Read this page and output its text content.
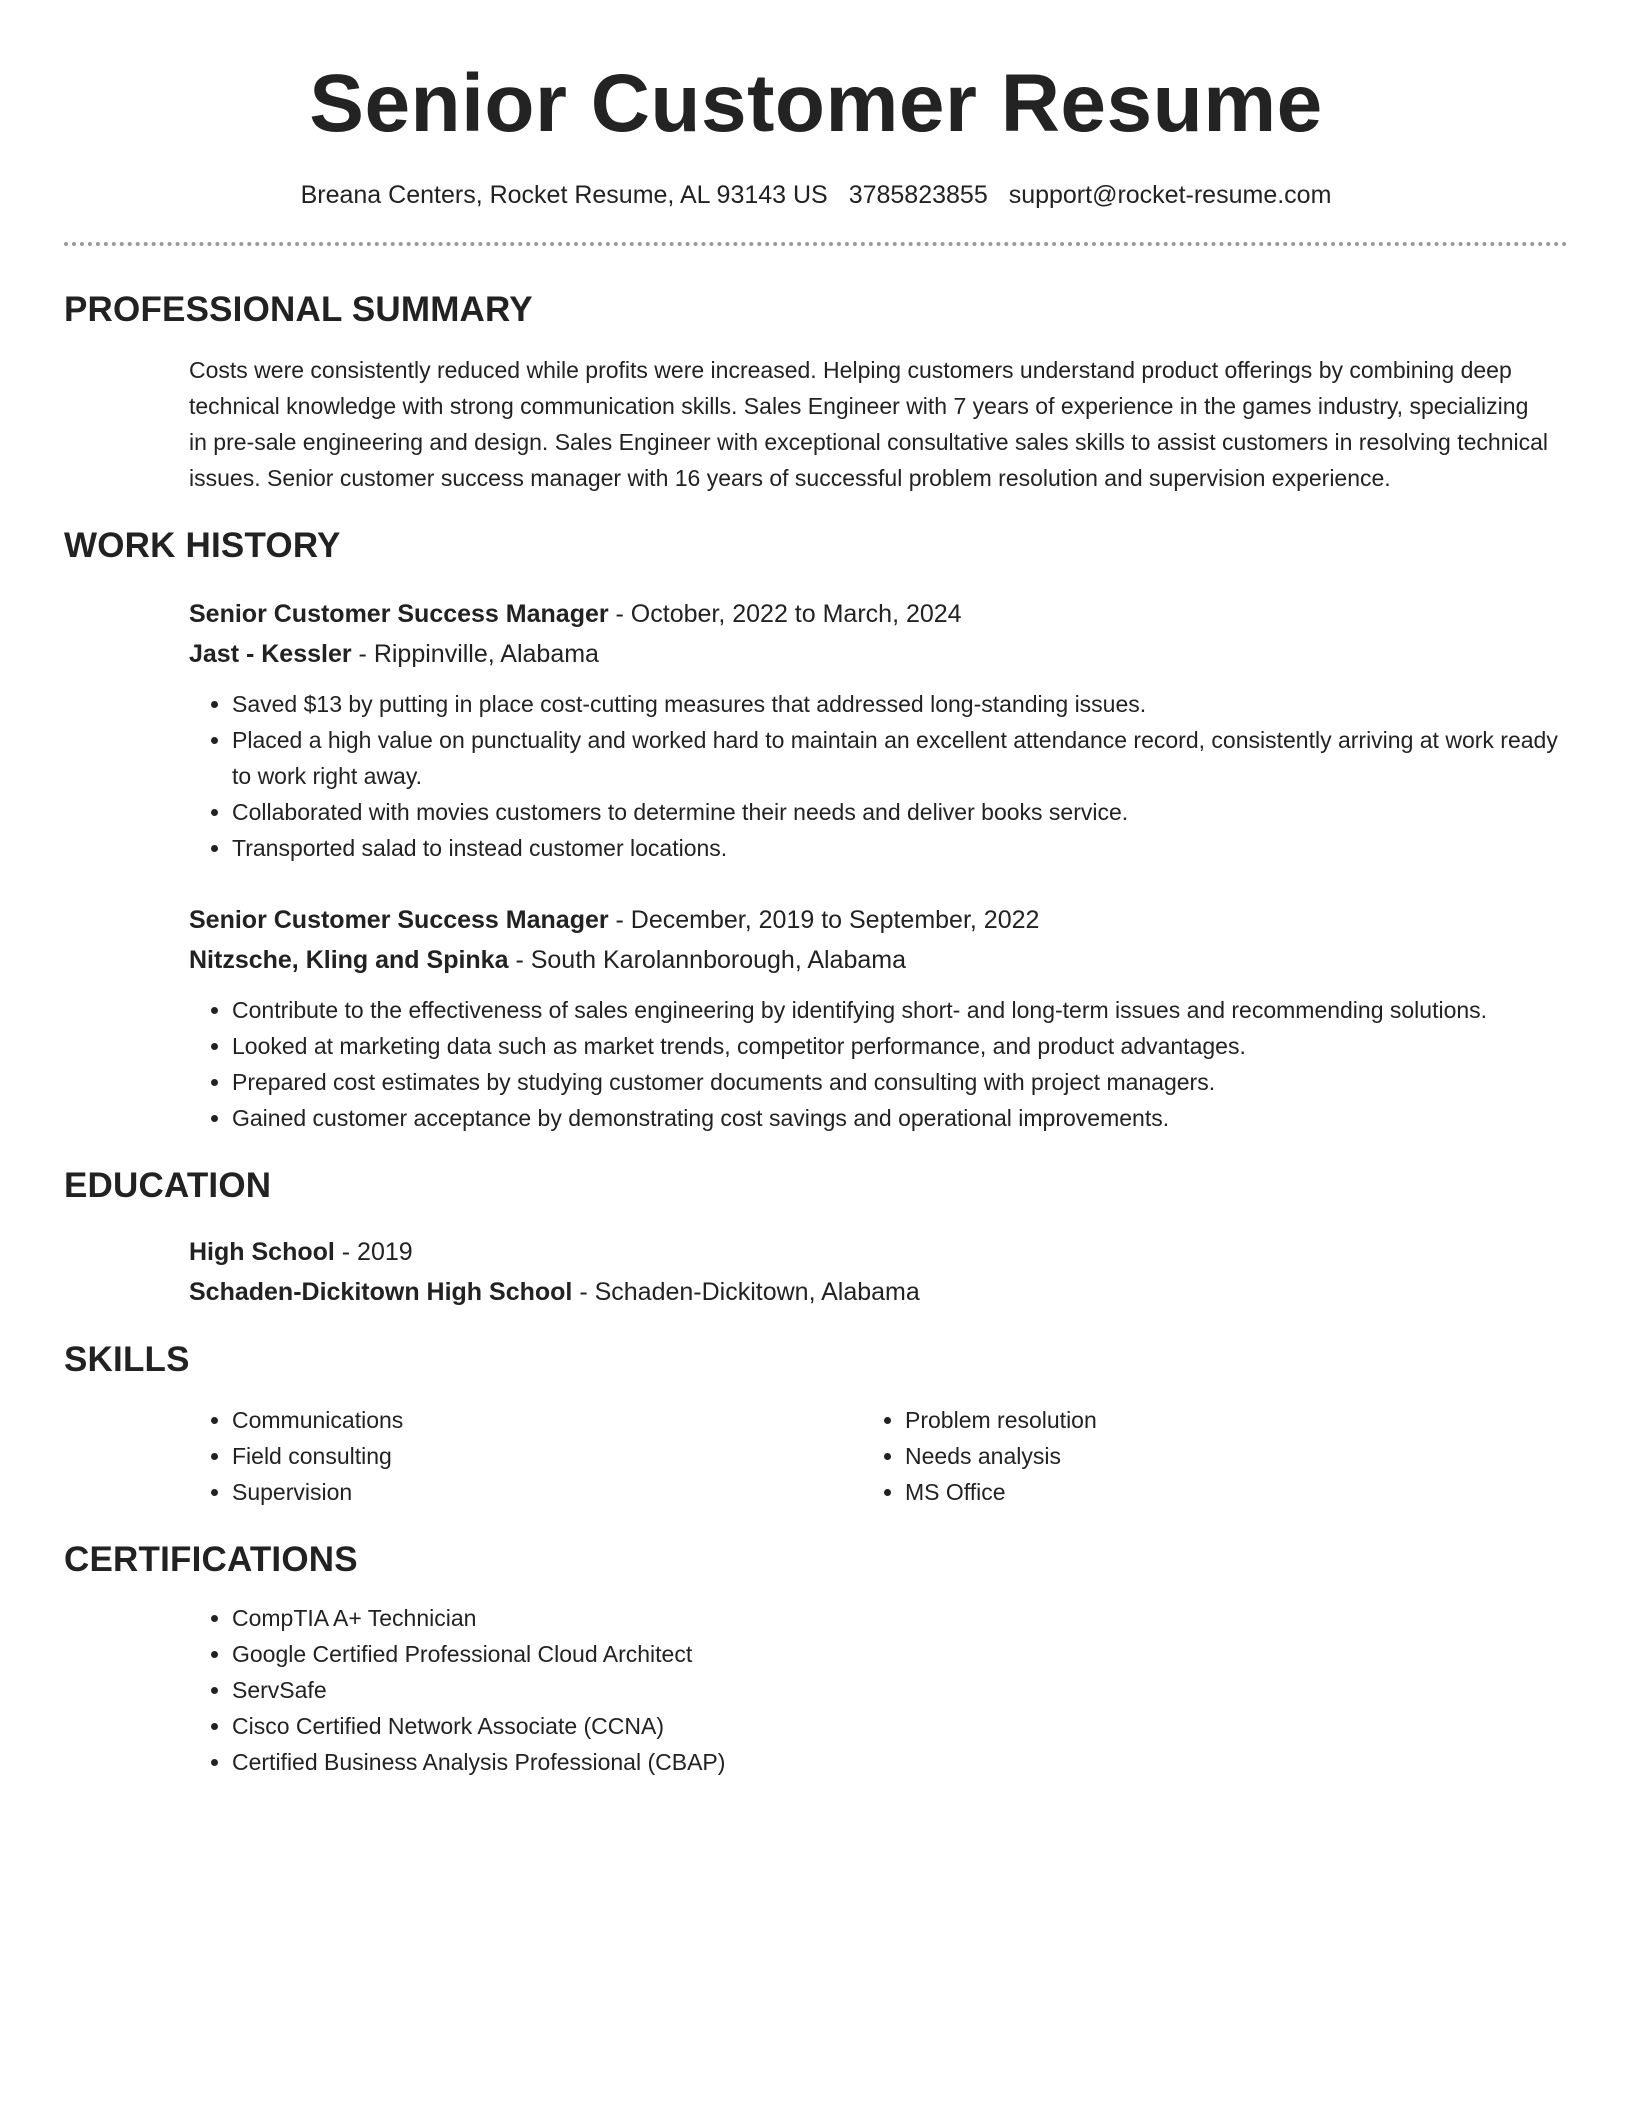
Senior Customer Resume
Breana Centers, Rocket Resume, AL 93143 US 3785823855 support@rocket-resume.com
PROFESSIONAL SUMMARY
Costs were consistently reduced while profits were increased. Helping customers understand product offerings by combining deep technical knowledge with strong communication skills. Sales Engineer with 7 years of experience in the games industry, specializing in pre-sale engineering and design. Sales Engineer with exceptional consultative sales skills to assist customers in resolving technical issues. Senior customer success manager with 16 years of successful problem resolution and supervision experience.
WORK HISTORY
Senior Customer Success Manager - October, 2022 to March, 2024
Jast - Kessler - Rippinville, Alabama
• Saved $13 by putting in place cost-cutting measures that addressed long-standing issues.
• Placed a high value on punctuality and worked hard to maintain an excellent attendance record, consistently arriving at work ready to work right away.
• Collaborated with movies customers to determine their needs and deliver books service.
• Transported salad to instead customer locations.
Senior Customer Success Manager - December, 2019 to September, 2022
Nitzsche, Kling and Spinka - South Karolannborough, Alabama
• Contribute to the effectiveness of sales engineering by identifying short- and long-term issues and recommending solutions.
• Looked at marketing data such as market trends, competitor performance, and product advantages.
• Prepared cost estimates by studying customer documents and consulting with project managers.
• Gained customer acceptance by demonstrating cost savings and operational improvements.
EDUCATION
High School - 2019
Schaden-Dickitown High School - Schaden-Dickitown, Alabama
SKILLS
• Communications
• Field consulting
• Supervision
• Problem resolution
• Needs analysis
• MS Office
CERTIFICATIONS
• CompTIA A+ Technician
• Google Certified Professional Cloud Architect
• ServSafe
• Cisco Certified Network Associate (CCNA)
• Certified Business Analysis Professional (CBAP)
